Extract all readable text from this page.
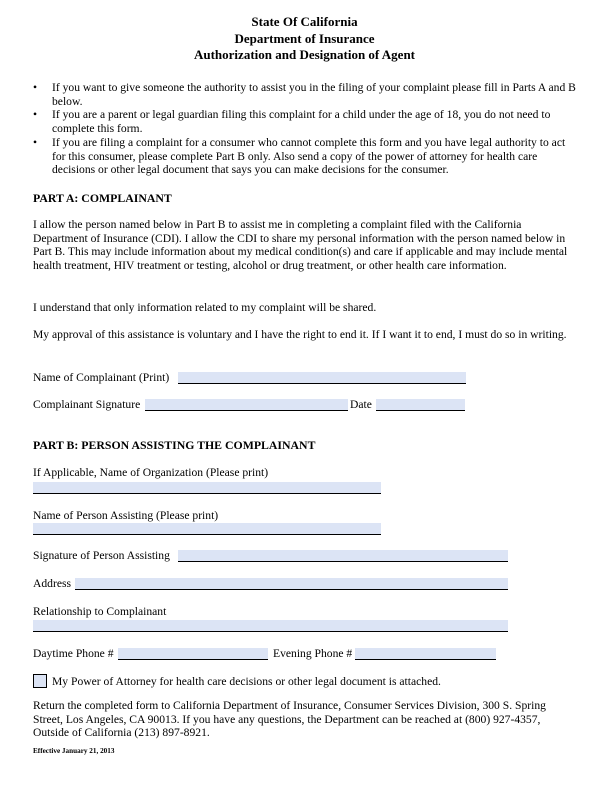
State Of California
Department of Insurance
Authorization and Designation of Agent
• If you want to give someone the authority to assist you in the filing of your complaint please fill in Parts A and B below.
• If you are a parent or legal guardian filing this complaint for a child under the age of 18, you do not need to complete this form.
• If you are filing a complaint for a consumer who cannot complete this form and you have legal authority to act for this consumer, please complete Part B only. Also send a copy of the power of attorney for health care decisions or other legal document that says you can make decisions for the consumer.
PART A: COMPLAINANT
I allow the person named below in Part B to assist me in completing a complaint filed with the California Department of Insurance (CDI). I allow the CDI to share my personal information with the person named below in Part B. This may include information about my medical condition(s) and care if applicable and may include mental health treatment, HIV treatment or testing, alcohol or drug treatment, or other health care information.
I understand that only information related to my complaint will be shared.
My approval of this assistance is voluntary and I have the right to end it. If I want it to end, I must do so in writing.
Name of Complainant (Print)
Complainant Signature	Date
PART B: PERSON ASSISTING THE COMPLAINANT
If Applicable, Name of Organization (Please print)
Name of Person Assisting (Please print)
Signature of Person Assisting
Address
Relationship to Complainant
Daytime Phone #	Evening Phone #
My Power of Attorney for health care decisions or other legal document is attached.
Return the completed form to California Department of Insurance, Consumer Services Division, 300 S. Spring Street, Los Angeles, CA 90013. If you have any questions, the Department can be reached at (800) 927-4357, Outside of California (213) 897-8921.
Effective January 21, 2013
